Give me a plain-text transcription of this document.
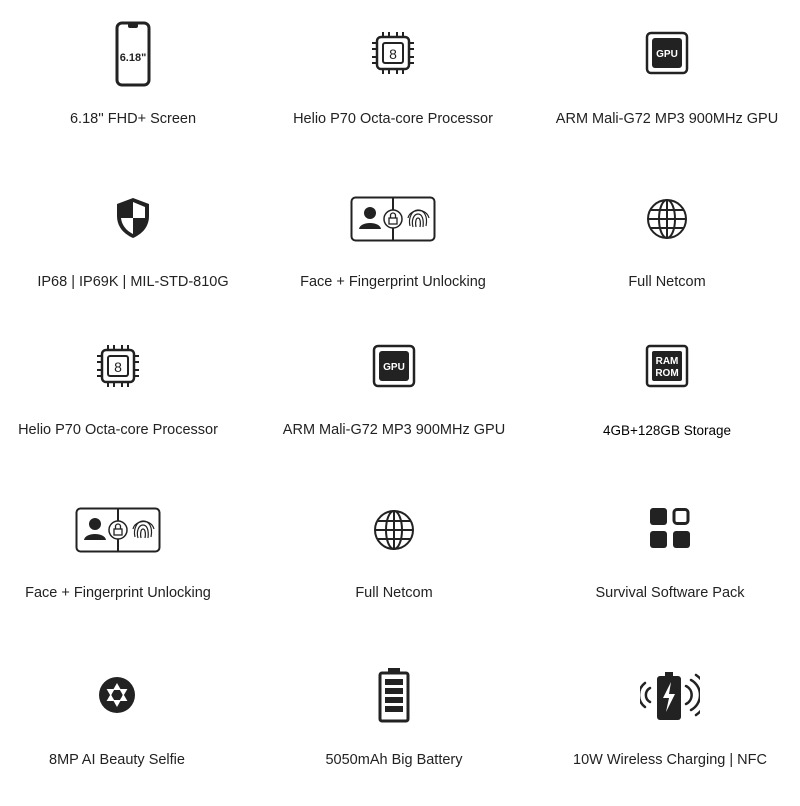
6.18"
6.18'' FHD+ Screen
8
Helio P70 Octa-core Processor
GPU
ARM Mali-G72 MP3 900MHz GPU
IP68 | IP69K | MIL-STD-810G	Face + Fingerprint Unlocking	Full Netcom
8
Helio P70 Octa-core Processor
GPU
ARM Mali-G72 MP3 900MHz GPU
RAM
ROM
4GB+128GB Storage
Face + Fingerprint Unlocking	Full Netcom	Survival Software Pack
8MP AI Beauty Selfie	5050mAh Big Battery	10W Wireless Charging | NFC
